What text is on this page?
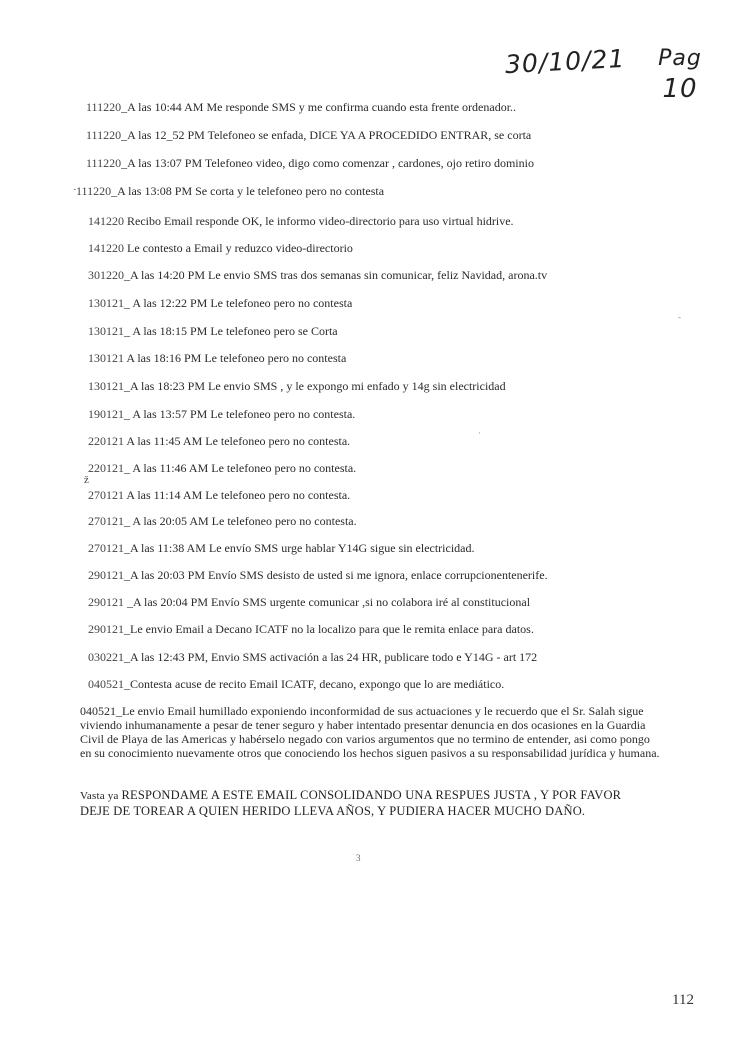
30/10/21	Pag
10
111220_A las 10:44 AM Me responde SMS y me confirma cuando esta frente ordenador..
111220_A las 12_52 PM Telefoneo se enfada, DICE YA A PROCEDIDO ENTRAR, se corta
111220_A las 13:07 PM Telefoneo video, digo como comenzar , cardones, ojo retiro dominio
111220_A las 13:08 PM Se corta y le telefoneo pero no contesta
141220 Recibo Email responde OK, le informo video-directorio para uso virtual hidrive.
141220 Le contesto a Email y reduzco video-directorio
301220_A las 14:20 PM Le envio SMS tras dos semanas sin comunicar, feliz Navidad, arona.tv
130121_ A las 12:22 PM Le telefoneo pero no contesta
130121_ A las 18:15 PM Le telefoneo pero se Corta
130121 A las 18:16 PM Le telefoneo pero no contesta
130121_A las 18:23 PM Le envio SMS , y le expongo mi enfado y 14g sin electricidad
190121_ A las 13:57 PM Le telefoneo pero no contesta.
220121 A las 11:45 AM Le telefoneo pero no contesta.
220121_ A las 11:46 AM Le telefoneo pero no contesta.
270121 A las 11:14 AM Le telefoneo pero no contesta.
270121_ A las 20:05 AM Le telefoneo pero no contesta.
270121_A las 11:38 AM Le envío SMS urge hablar Y14G sigue sin electricidad.
290121_A las 20:03 PM Envío SMS desisto de usted si me ignora, enlace corrupcionentenerife.
290121 _A las 20:04 PM Envío SMS urgente comunicar ,si no colabora iré al constitucional
290121_Le envio Email a Decano ICATF no la localizo para que le remita enlace para datos.
030221_A las 12:43 PM, Envio SMS activación a las 24 HR, publicare todo e Y14G - art 172
040521_Contesta acuse de recito Email ICATF, decano, expongo que lo are mediático.
·
ž
·
-
040521_Le envio Email humillado exponiendo inconformidad de sus actuaciones y le recuerdo que el Sr. Salah sigue viviendo inhumanamente a pesar de tener seguro y haber intentado presentar denuncia en dos ocasiones en la Guardia Civil de Playa de las Americas y habérselo negado con varios argumentos que no termino de entender, asi como pongo en su conocimiento nuevamente otros que conociendo los hechos siguen pasivos a su responsabilidad jurídica y humana.
Vasta ya RESPONDAME A ESTE EMAIL CONSOLIDANDO UNA RESPUES JUSTA , Y POR FAVOR DEJE DE TOREAR A QUIEN HERIDO LLEVA AÑOS, Y PUDIERA HACER MUCHO DAÑO.
3
112
